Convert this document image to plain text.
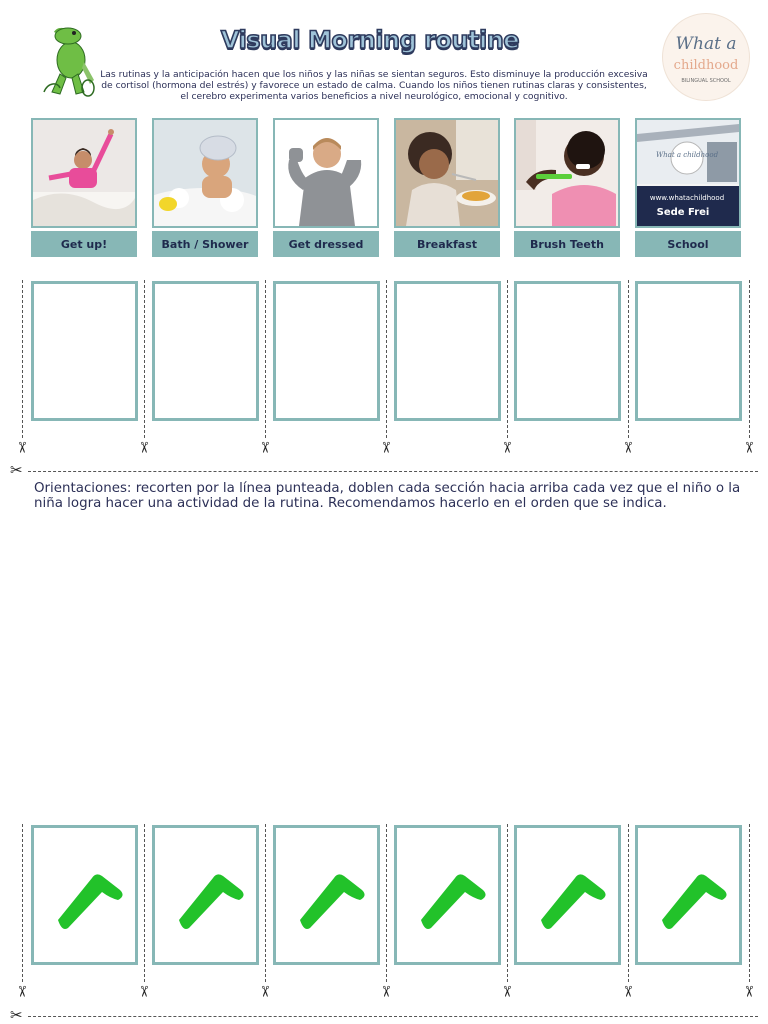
Visual Morning routine
Las rutinas y la anticipación hacen que los niños y las niñas se sientan seguros. Esto disminuye la producción excesiva de cortisol (hormona del estrés) y favorece un estado de calma. Cuando los niños tienen rutinas claras y consistentes, el cerebro experimenta varios beneficios a nivel neurológico, emocional y cognitivo.
What a
childhood
BILINGUAL SCHOOL
Get up!	Bath / Shower	Get dressed	Breakfast	Brush Teeth
What a childhood
www.whatachildhood
Sede Frei
School
✂	✂	✂	✂	✂	✂	✂
✂
Orientaciones: recorten por la línea punteada, doblen cada sección hacia arriba cada vez que el niño o la niña logra hacer una actividad de la rutina. Recomendamos hacerlo en el orden que se indica.
✂	✂	✂	✂	✂	✂	✂
✂
